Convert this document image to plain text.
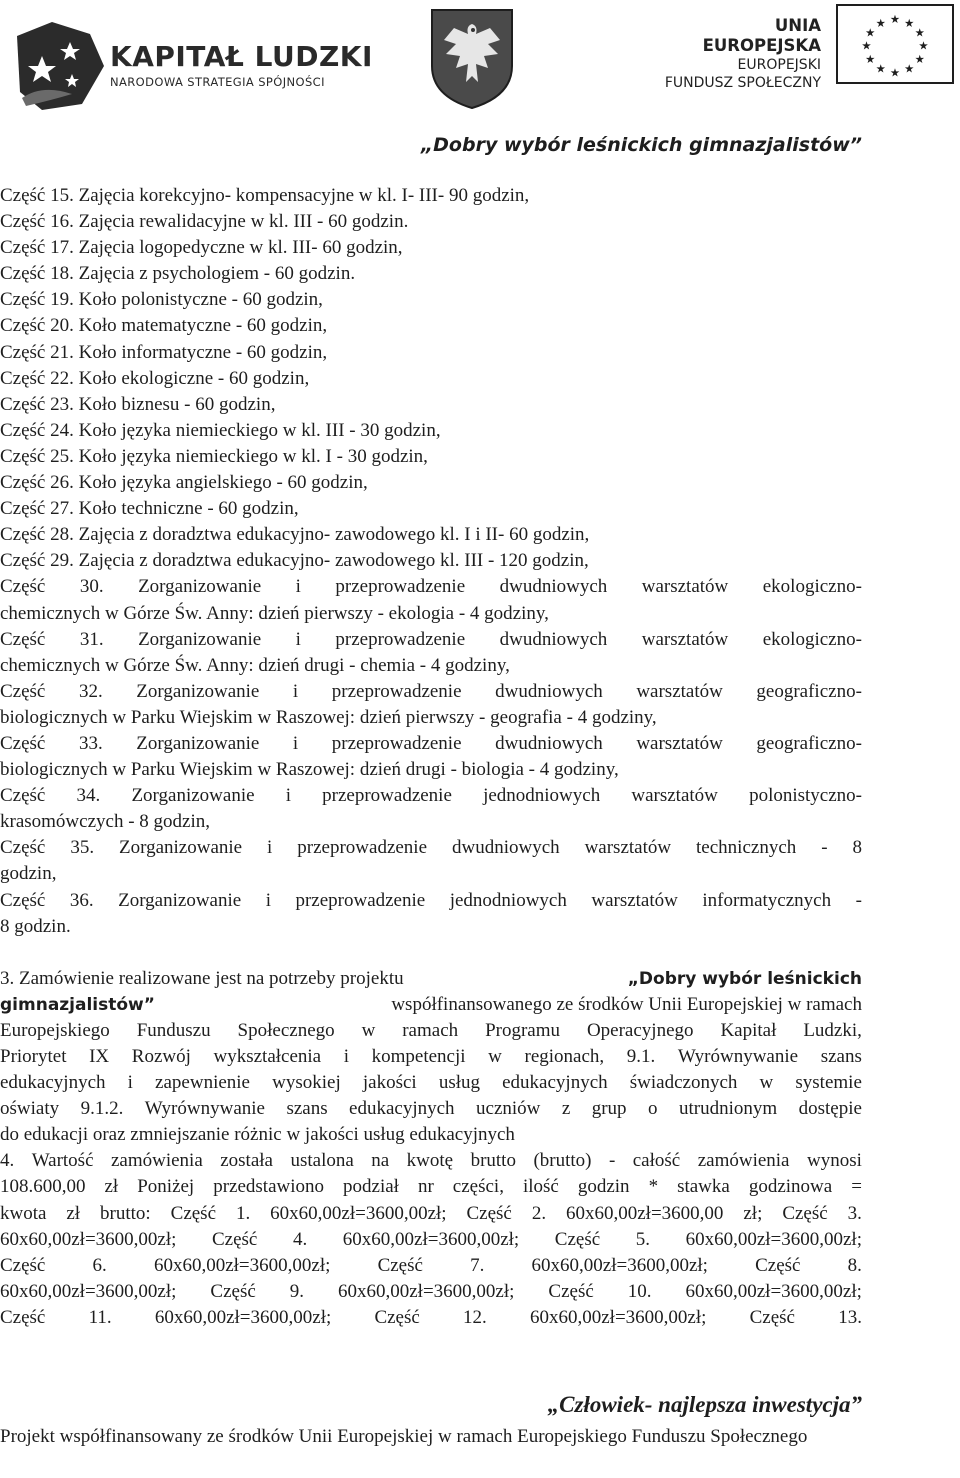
KAPITAŁ LUDZKI
NARODOWA STRATEGIA SPÓJNOŚCI
UNIA EUROPEJSKA
EUROPEJSKI
FUNDUSZ SPOŁECZNY
★ ★
★
★
★
★
★
★
★
★
★
★
„Dobry wybór leśnickich gimnazjalistów”
Część 15. Zajęcia korekcyjno- kompensacyjne w kl. I- III- 90 godzin,
Część 16. Zajęcia rewalidacyjne w kl. III - 60 godzin.
Część 17. Zajęcia logopedyczne w kl. III- 60 godzin,
Część 18. Zajęcia z psychologiem - 60 godzin.
Część 19. Koło polonistyczne - 60 godzin,
Część 20. Koło matematyczne - 60 godzin,
Część 21. Koło informatyczne - 60 godzin,
Część 22. Koło ekologiczne - 60 godzin,
Część 23. Koło biznesu - 60 godzin,
Część 24. Koło języka niemieckiego w kl. III - 30 godzin,
Część 25. Koło języka niemieckiego w kl. I - 30 godzin,
Część 26. Koło języka angielskiego - 60 godzin,
Część 27. Koło techniczne - 60 godzin,
Część 28. Zajęcia z doradztwa edukacyjno- zawodowego kl. I i II- 60 godzin,
Część 29. Zajęcia z doradztwa edukacyjno- zawodowego kl. III - 120 godzin,
Część 30. Zorganizowanie i przeprowadzenie dwudniowych warsztatów ekologiczno-
chemicznych w Górze Św. Anny: dzień pierwszy - ekologia - 4 godziny,
Część 31. Zorganizowanie i przeprowadzenie dwudniowych warsztatów ekologiczno-
chemicznych w Górze Św. Anny: dzień drugi - chemia - 4 godziny,
Część 32. Zorganizowanie i przeprowadzenie dwudniowych warsztatów geograficzno-
biologicznych w Parku Wiejskim w Raszowej: dzień pierwszy - geografia - 4 godziny,
Część 33. Zorganizowanie i przeprowadzenie dwudniowych warsztatów geograficzno-
biologicznych w Parku Wiejskim w Raszowej: dzień drugi - biologia - 4 godziny,
Część 34. Zorganizowanie i przeprowadzenie jednodniowych warsztatów polonistyczno-
krasomówczych - 8 godzin,
Część 35. Zorganizowanie i przeprowadzenie dwudniowych warsztatów technicznych - 8
godzin,
Część 36. Zorganizowanie i przeprowadzenie jednodniowych warsztatów informatycznych -
8 godzin.
3. Zamówienie realizowane jest na potrzeby projektu	„Dobry wybór leśnickich
gimnazjalistów”	współfinansowanego ze środków Unii Europejskiej w ramach
Europejskiego Funduszu Społecznego w ramach Programu Operacyjnego Kapitał Ludzki,
Priorytet IX Rozwój wykształcenia i kompetencji w regionach, 9.1. Wyrównywanie szans
edukacyjnych i zapewnienie wysokiej jakości usług edukacyjnych świadczonych w systemie
oświaty 9.1.2. Wyrównywanie szans edukacyjnych uczniów z grup o utrudnionym dostępie
do edukacji oraz zmniejszanie różnic w jakości usług edukacyjnych
4. Wartość zamówienia została ustalona na kwotę brutto (brutto) - całość zamówienia wynosi
108.600,00 zł Poniżej przedstawiono podział nr części, ilość godzin * stawka godzinowa =
kwota zł brutto: Część 1. 60x60,00zł=3600,00zł; Część 2. 60x60,00zł=3600,00 zł; Część 3.
60x60,00zł=3600,00zł; Część 4. 60x60,00zł=3600,00zł; Część 5. 60x60,00zł=3600,00zł;
Część 6. 60x60,00zł=3600,00zł; Część 7. 60x60,00zł=3600,00zł; Część 8.
60x60,00zł=3600,00zł; Część 9. 60x60,00zł=3600,00zł; Część 10. 60x60,00zł=3600,00zł;
Część 11. 60x60,00zł=3600,00zł; Część 12. 60x60,00zł=3600,00zł; Część 13.
„Człowiek- najlepsza inwestycja”
Projekt współfinansowany ze środków Unii Europejskiej w ramach Europejskiego Funduszu Społecznego
